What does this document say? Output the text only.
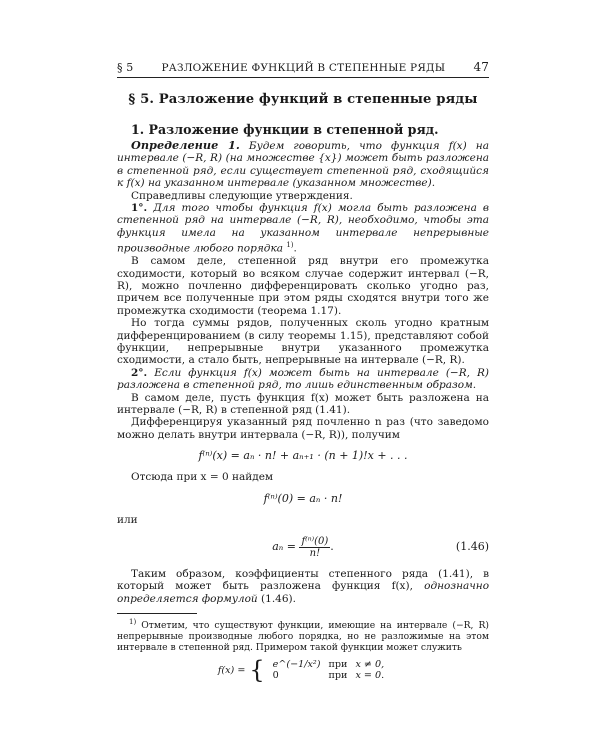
§ 5	РАЗЛОЖЕНИЕ ФУНКЦИЙ В СТЕПЕННЫЕ РЯДЫ 47
§ 5. Разложение функций в степенные ряды
1. Разложение функции в степенной ряд.

Определение 1. Будем говорить, что функция f(x) на интервале (−R, R) (на множестве {x}) может быть разложена в степенной ряд, если существует степенной ряд, сходящийся к f(x) на указанном интервале (указанном множестве).

Справедливы следующие утверждения.

1°. Для того чтобы функция f(x) могла быть разложена в степенной ряд на интервале (−R, R), необходимо, чтобы эта функция имела на указанном интервале непрерывные производные любого порядка $^{1)}$.

В самом деле, степенной ряд внутри его промежутка сходимости, который во всяком случае содержит интервал (−R, R), можно почленно дифференцировать сколько угодно раз, причем все полученные при этом ряды сходятся внутри того же промежутка сходимости (теорема 1.17).

Но тогда суммы рядов, полученных сколь угодно кратным дифференцированием (в силу теоремы 1.15), представляют собой функции, непрерывные внутри указанного промежутка сходимости, а стало быть, непрерывные на интервале (−R, R).

2°. Если функция f(x) может быть на интервале (−R, R) разложена в степенной ряд, то лишь единственным образом.

В самом деле, пусть функция f(x) может быть разложена на интервале (−R, R) в степенной ряд (1.41).

Дифференцируя указанный ряд почленно n раз (что заведомо можно делать внутри интервала (−R, R)), получим

f⁽ⁿ⁾(x) = aₙ · n! + aₙ₊₁ · (n + 1)!x + . . .

Отсюда при x = 0 найдем

f⁽ⁿ⁾(0) = aₙ · n!

или

$a_n = \frac{\text{f⁽ⁿ⁾(0)}}{n!}$ .	(1.46)

Таким образом, коэффициенты степенного ряда (1.41), в который может быть разложена функция f(x), однозначно определяется формулой (1.46).

$^{1)}$ Отметим, что существуют функции, имеющие на интервале (−R, R) непрерывные производные любого порядка, но не разложимые на этом интервале в степенной ряд. Примером такой функции может служить

f(x) = { e^(−1/x²)	при	x ≠ 0,
0	при	x = 0.
